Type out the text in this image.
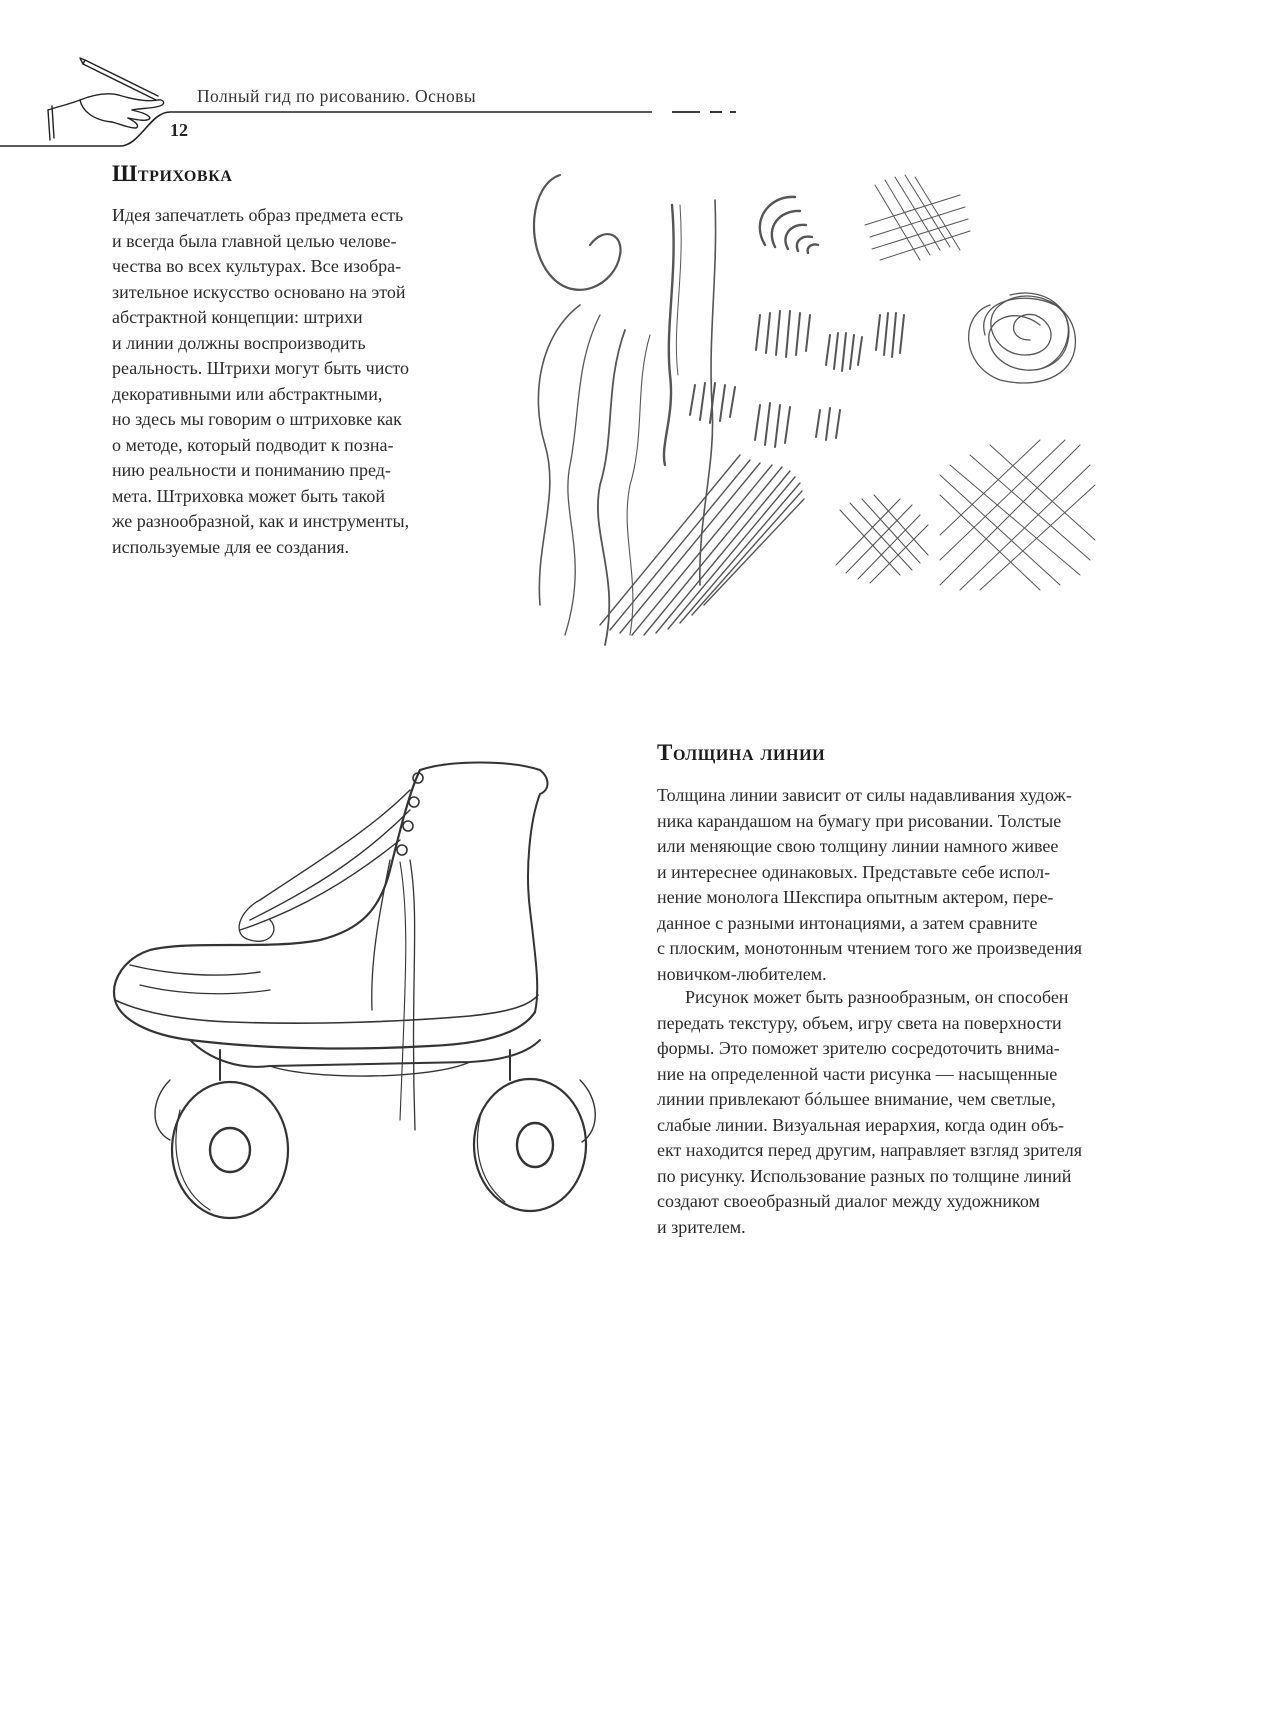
Полный гид по рисованию. Основы
12
Штриховка
Идея запечатлеть образ предмета есть
и всегда была главной целью челове-
чества во всех культурах. Все изобра-
зительное искусство основано на этой
абстрактной концепции: штрихи
и линии должны воспроизводить
реальность. Штрихи могут быть чисто
декоративными или абстрактными,
но здесь мы говорим о штриховке как
о методе, который подводит к позна-
нию реальности и пониманию пред-
мета. Штриховка может быть такой
же разнообразной, как и инструменты,
используемые для ее создания.
Толщина линии
Толщина линии зависит от силы надавливания худож-
ника карандашом на бумагу при рисовании. Толстые
или меняющие свою толщину линии намного живее
и интереснее одинаковых. Представьте себе испол-
нение монолога Шекспира опытным актером, пере-
данное с разными интонациями, а затем сравните
с плоским, монотонным чтением того же произведения
новичком-любителем.
Рисунок может быть разнообразным, он способен
передать текстуру, объем, игру света на поверхности
формы. Это поможет зрителю сосредоточить внима-
ние на определенной части рисунка — насыщенные
линии привлекают бóльшее внимание, чем светлые,
слабые линии. Визуальная иерархия, когда один объ-
ект находится перед другим, направляет взгляд зрителя
по рисунку. Использование разных по толщине линий
создают своеобразный диалог между художником
и зрителем.
